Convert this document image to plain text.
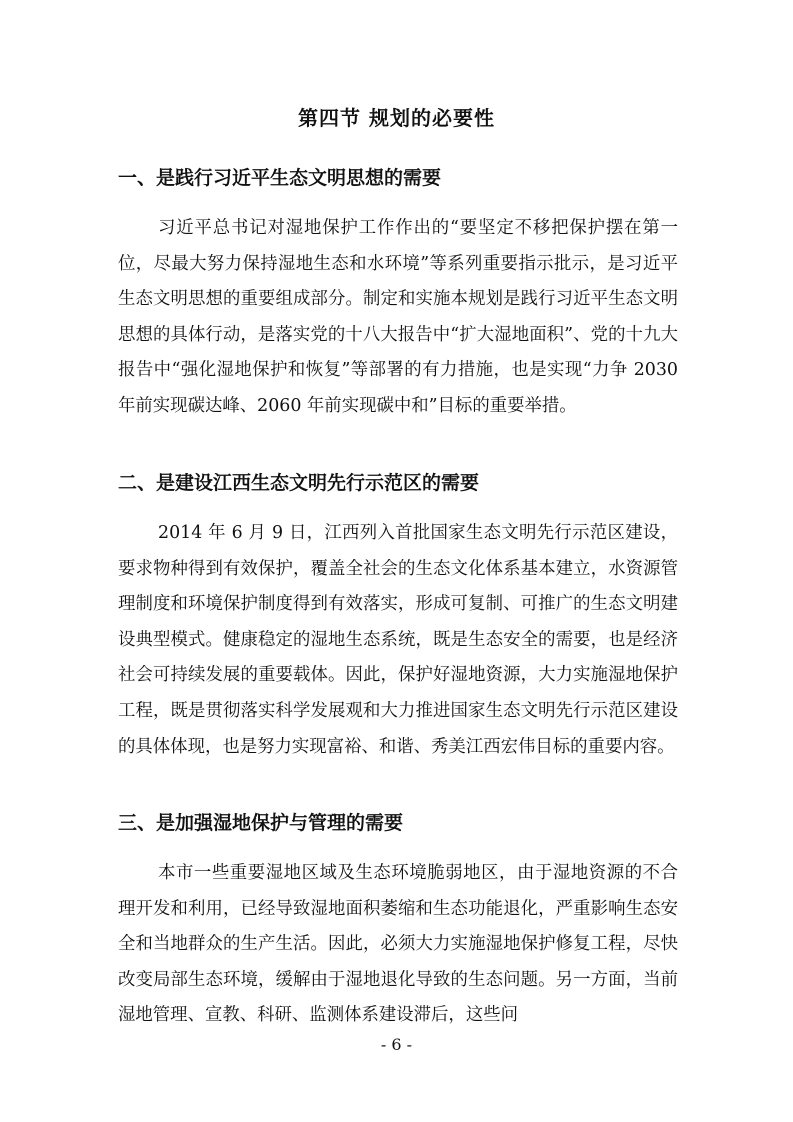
第四节 规划的必要性
一、是践行习近平生态文明思想的需要

习近平总书记对湿地保护工作作出的“要坚定不移把保护摆在第一位，尽最大努力保持湿地生态和水环境”等系列重要指示批示，是习近平生态文明思想的重要组成部分。制定和实施本规划是践行习近平生态文明思想的具体行动，是落实党的十八大报告中“扩大湿地面积”、党的十九大报告中“强化湿地保护和恢复”等部署的有力措施，也是实现“力争 2030 年前实现碳达峰、2060 年前实现碳中和”目标的重要举措。

二、是建设江西生态文明先行示范区的需要

2014 年 6 月 9 日，江西列入首批国家生态文明先行示范区建设，要求物种得到有效保护，覆盖全社会的生态文化体系基本建立，水资源管理制度和环境保护制度得到有效落实，形成可复制、可推广的生态文明建设典型模式。健康稳定的湿地生态系统，既是生态安全的需要，也是经济社会可持续发展的重要载体。因此，保护好湿地资源，大力实施湿地保护工程，既是贯彻落实科学发展观和大力推进国家生态文明先行示范区建设的具体体现，也是努力实现富裕、和谐、秀美江西宏伟目标的重要内容。

三、是加强湿地保护与管理的需要

本市一些重要湿地区域及生态环境脆弱地区，由于湿地资源的不合理开发和利用，已经导致湿地面积萎缩和生态功能退化，严重影响生态安全和当地群众的生产生活。因此，必须大力实施湿地保护修复工程，尽快改变局部生态环境，缓解由于湿地退化导致的生态问题。另一方面，当前湿地管理、宣教、科研、监测体系建设滞后，这些问

- 6 -
